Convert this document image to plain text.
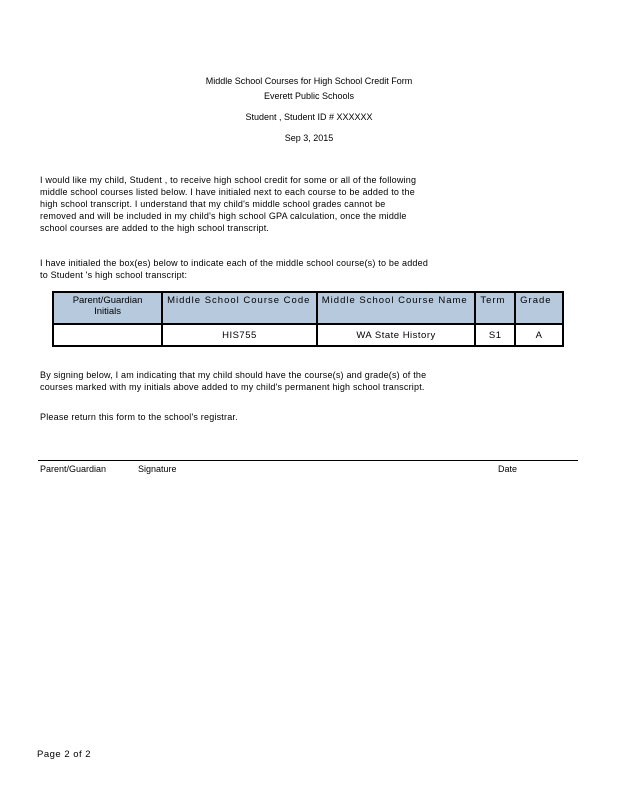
Middle School Courses for High School Credit Form
Everett Public Schools
Student , Student ID # XXXXXX
Sep 3, 2015
I would like my child, Student , to receive high school credit for some or all of the following
middle school courses listed below. I have initialed next to each course to be added to the
high school transcript. I understand that my child's middle school grades cannot be
removed and will be included in my child's high school GPA calculation, once the middle
school courses are added to the high school transcript.
I have initialed the box(es) below to indicate each of the middle school course(s) to be added
to Student 's high school transcript:
Parent/Guardian Initials	Middle School Course Code	Middle School Course Name	Term	Grade
	HIS755	WA State History	S1	A
By signing below, I am indicating that my child should have the course(s) and grade(s) of the
courses marked with my initials above added to my child's permanent high school transcript.
Please return this form to the school's registrar.
Parent/Guardian	Signature	Date
Page 2 of 2
